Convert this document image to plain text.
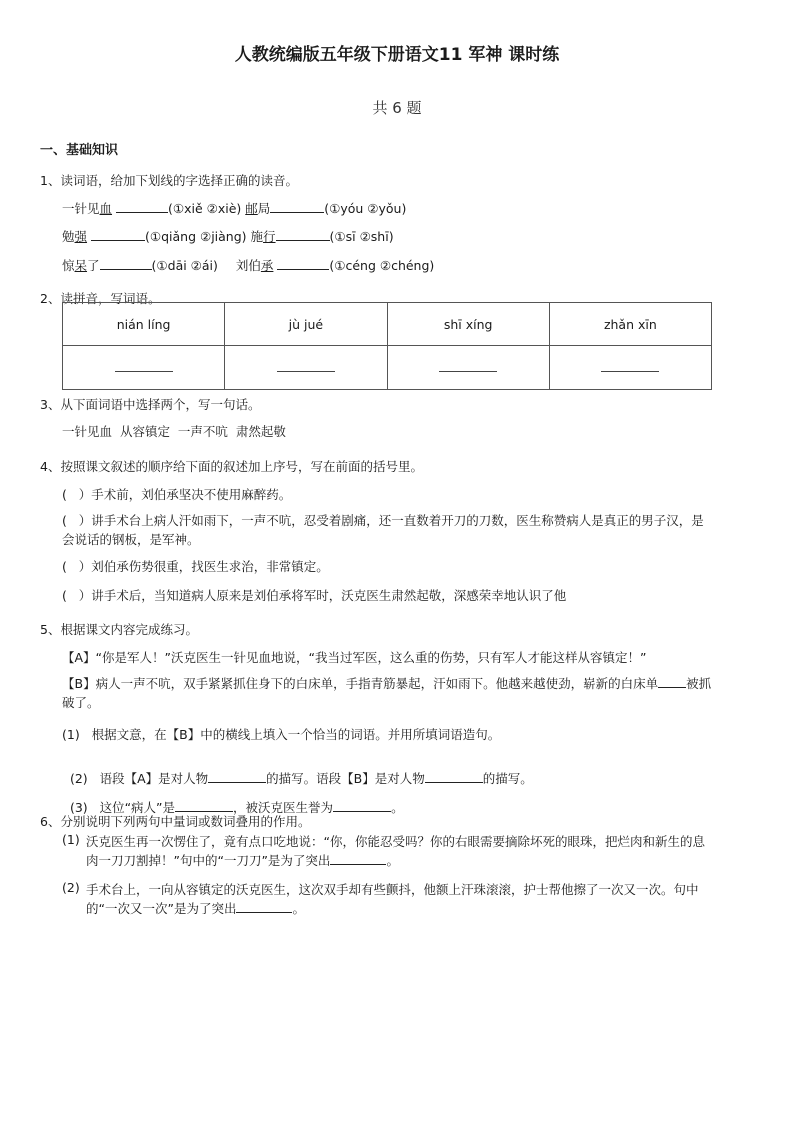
人教统编版五年级下册语文11 军神 课时练
共 6 题
一、基础知识
1、读词语，给加下划线的字选择正确的读音。
一针见血	(①xiě ②xiè) 邮局	(①yóu ②yǒu)
勉强	(①qiǎng ②jiàng) 施行	(①sī ②shī)
惊呆了	(①dāi ②ái) 刘伯承	(①céng ②chéng)
2、读拼音，写词语。
nián líng	jù jué	shī xíng	zhǎn xīn

3、从下面词语中选择两个，写一句话。
一针见血  从容镇定  一声不吭  肃然起敬
4、按照课文叙述的顺序给下面的叙述加上序号，写在前面的括号里。
(   ）手术前，刘伯承坚决不使用麻醉药。
(   ）讲手术台上病人汗如雨下，一声不吭，忍受着剧痛，还一直数着开刀的刀数，医生称赞病人是真正的男子汉，是会说话的钢板，是军神。
(   ）刘伯承伤势很重，找医生求治，非常镇定。
(   ）讲手术后，当知道病人原来是刘伯承将军时，沃克医生肃然起敬，深感荣幸地认识了他
5、根据课文内容完成练习。
【A】“你是军人！”沃克医生一针见血地说，“我当过军医，这么重的伤势，只有军人才能这样从容镇定！”
【B】病人一声不吭，双手紧紧抓住身下的白床单，手指青筋暴起，汗如雨下。他越来越使劲，崭新的白床单 被抓破了。
(1)   根据文意，在【B】中的横线上填入一个恰当的词语。并用所填词语造句。

(2)   语段【A】是对人物	的描写。语段【B】是对人物	的描写。

(3)   这位“病人”是	，被沃克医生誉为	。

6、分别说明下列两句中量词或数词叠用的作用。
(1) 沃克医生再一次愣住了，竟有点口吃地说：“你，你能忍受吗？你的右眼需要摘除坏死的眼珠，把烂肉和新生的息肉一刀刀割掉！”句中的“一刀刀”是为了突出	。
(2) 手术台上，一向从容镇定的沃克医生，这次双手却有些颤抖，他额上汗珠滚滚，护士帮他擦了一次又一次。句中的“一次又一次”是为了突出	。
